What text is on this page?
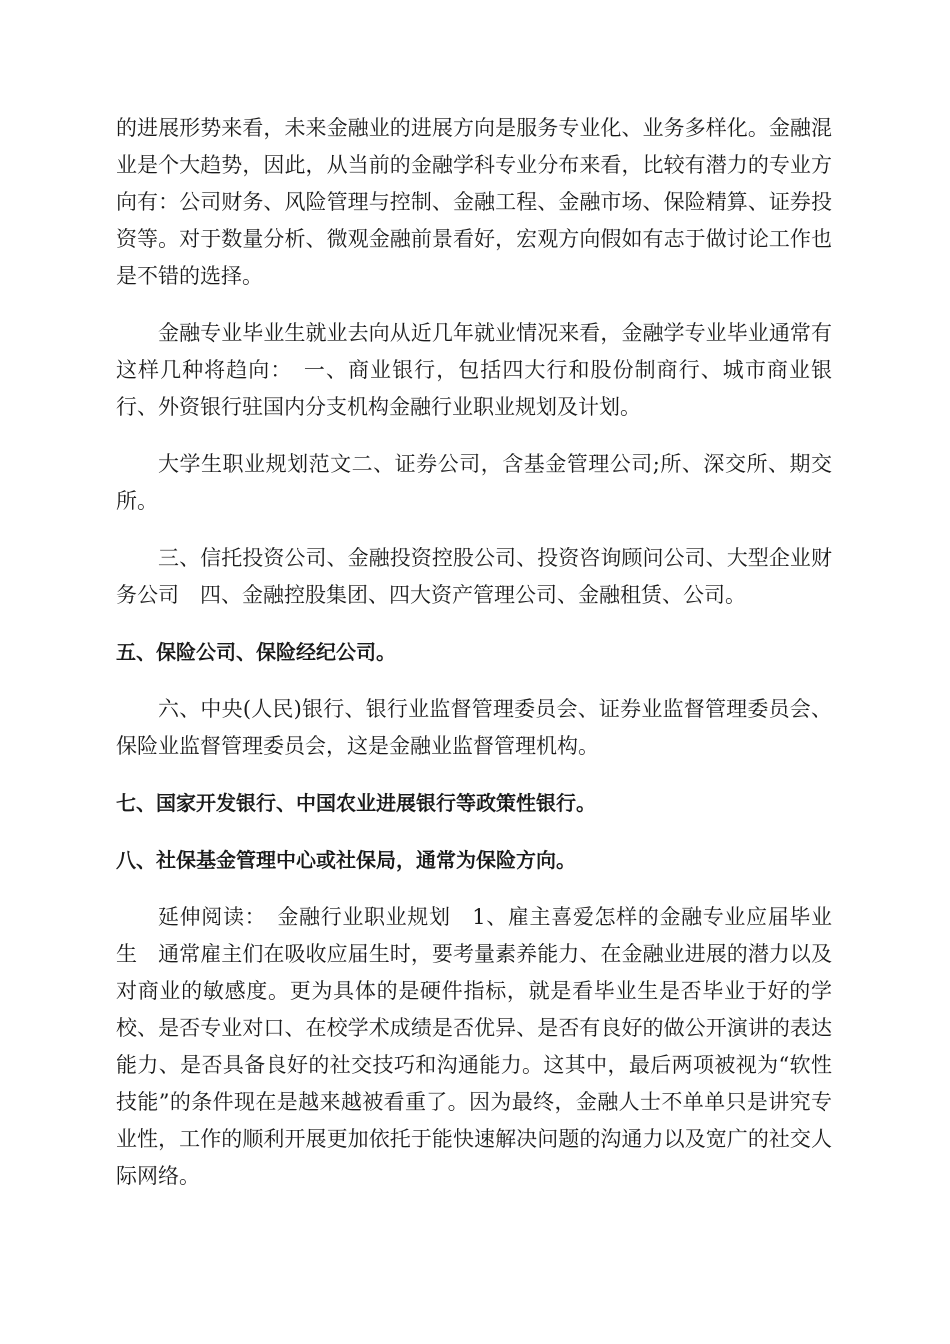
的进展形势来看，未来金融业的进展方向是服务专业化、业务多样化。金融混业是个大趋势，因此，从当前的金融学科专业分布来看，比较有潜力的专业方向有：公司财务、风险管理与控制、金融工程、金融市场、保险精算、证券投资等。对于数量分析、微观金融前景看好，宏观方向假如有志于做讨论工作也是不错的选择。

金融专业毕业生就业去向从近几年就业情况来看，金融学专业毕业通常有这样几种将趋向：　一、商业银行，包括四大行和股份制商行、城市商业银行、外资银行驻国内分支机构金融行业职业规划及计划。

大学生职业规划范文二、证券公司，含基金管理公司;所、深交所、期交所。

三、信托投资公司、金融投资控股公司、投资咨询顾问公司、大型企业财务公司　四、金融控股集团、四大资产管理公司、金融租赁、公司。

五、保险公司、保险经纪公司。

六、中央(人民)银行、银行业监督管理委员会、证券业监督管理委员会、保险业监督管理委员会，这是金融业监督管理机构。

七、国家开发银行、中国农业进展银行等政策性银行。

八、社保基金管理中心或社保局，通常为保险方向。

延伸阅读：　金融行业职业规划　1、雇主喜爱怎样的金融专业应届毕业生　通常雇主们在吸收应届生时，要考量素养能力、在金融业进展的潜力以及对商业的敏感度。更为具体的是硬件指标，就是看毕业生是否毕业于好的学校、是否专业对口、在校学术成绩是否优异、是否有良好的做公开演讲的表达能力、是否具备良好的社交技巧和沟通能力。这其中，最后两项被视为“软性技能”的条件现在是越来越被看重了。因为最终，金融人士不单单只是讲究专业性，工作的顺利开展更加依托于能快速解决问题的沟通力以及宽广的社交人际网络。
